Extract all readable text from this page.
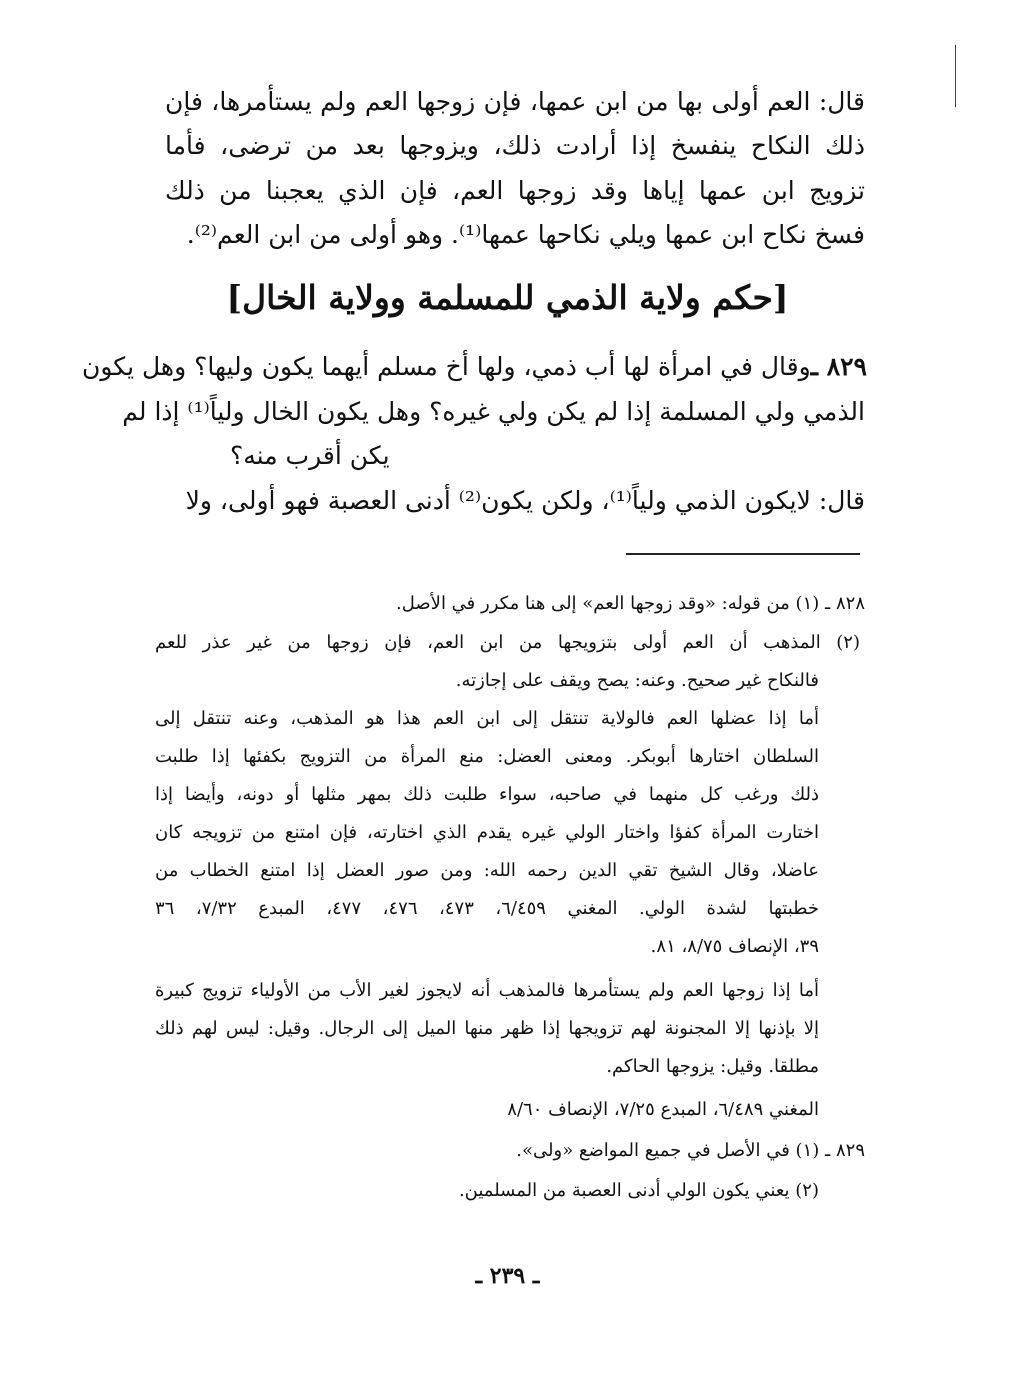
قال: العم أولى بها من ابن عمها، فإن زوجها العم ولم يستأمرها، فإن
ذلك النكاح ينفسخ إذا أرادت ذلك، ويزوجها بعد من ترضى، فأما
تزويج ابن عمها إياها وقد زوجها العم، فإن الذي يعجبنا من ذلك
فسخ نكاح ابن عمها ويلي نكاحها عمها⁽¹⁾. وهو أولى من ابن العم⁽²⁾.
[حكم ولاية الذمي للمسلمة وولاية الخال]
٨٢٩ ـ
وقال في امرأة لها أب ذمي، ولها أخ مسلم أيهما يكون وليها؟ وهل يكون
الذمي ولي المسلمة إذا لم يكن ولي غيره؟ وهل يكون الخال ولياً⁽¹⁾ إذا لم
يكن أقرب منه؟
قال: لايكون الذمي ولياً⁽¹⁾، ولكن يكون⁽²⁾ أدنى العصبة فهو أولى، ولا
٨٢٨ ـ (١) من قوله: «وقد زوجها العم» إلى هنا مكرر في الأصل.
(٢) المذهب أن العم أولى بتزويجها من ابن العم، فإن زوجها من غير عذر للعم
فالنكاح غير صحيح. وعنه: يصح ويقف على إجازته.
أما إذا عضلها العم فالولاية تنتقل إلى ابن العم هذا هو المذهب، وعنه تنتقل إلى
السلطان اختارها أبوبكر. ومعنى العضل: منع المرأة من التزويج بكفئها إذا طلبت
ذلك ورغب كل منهما في صاحبه، سواء طلبت ذلك بمهر مثلها أو دونه، وأيضا إذا
اختارت المرأة كفؤا واختار الولي غيره يقدم الذي اختارته، فإن امتنع من تزويجه كان
عاضلا، وقال الشيخ تقي الدين رحمه الله: ومن صور العضل إذا امتنع الخطاب من
خطبتها لشدة الولي. المغني ٦/٤٥٩، ٤٧٣، ٤٧٦، ٤٧٧، المبدع ٧/٣٢، ٣٦
٣٩، الإنصاف ٨/٧٥، ٨١.
أما إذا زوجها العم ولم يستأمرها فالمذهب أنه لايجوز لغير الأب من الأولياء تزويج كبيرة
إلا بإذنها إلا المجنونة لهم تزويجها إذا ظهر منها الميل إلى الرجال. وقيل: ليس لهم ذلك
مطلقا. وقيل: يزوجها الحاكم.
المغني ٦/٤٨٩، المبدع ٧/٢٥، الإنصاف ٨/٦٠
٨٢٩ ـ (١) في الأصل في جميع المواضع «ولى».
(٢) يعني يكون الولي أدنى العصبة من المسلمين.
ـ ٢٣٩ ـ
